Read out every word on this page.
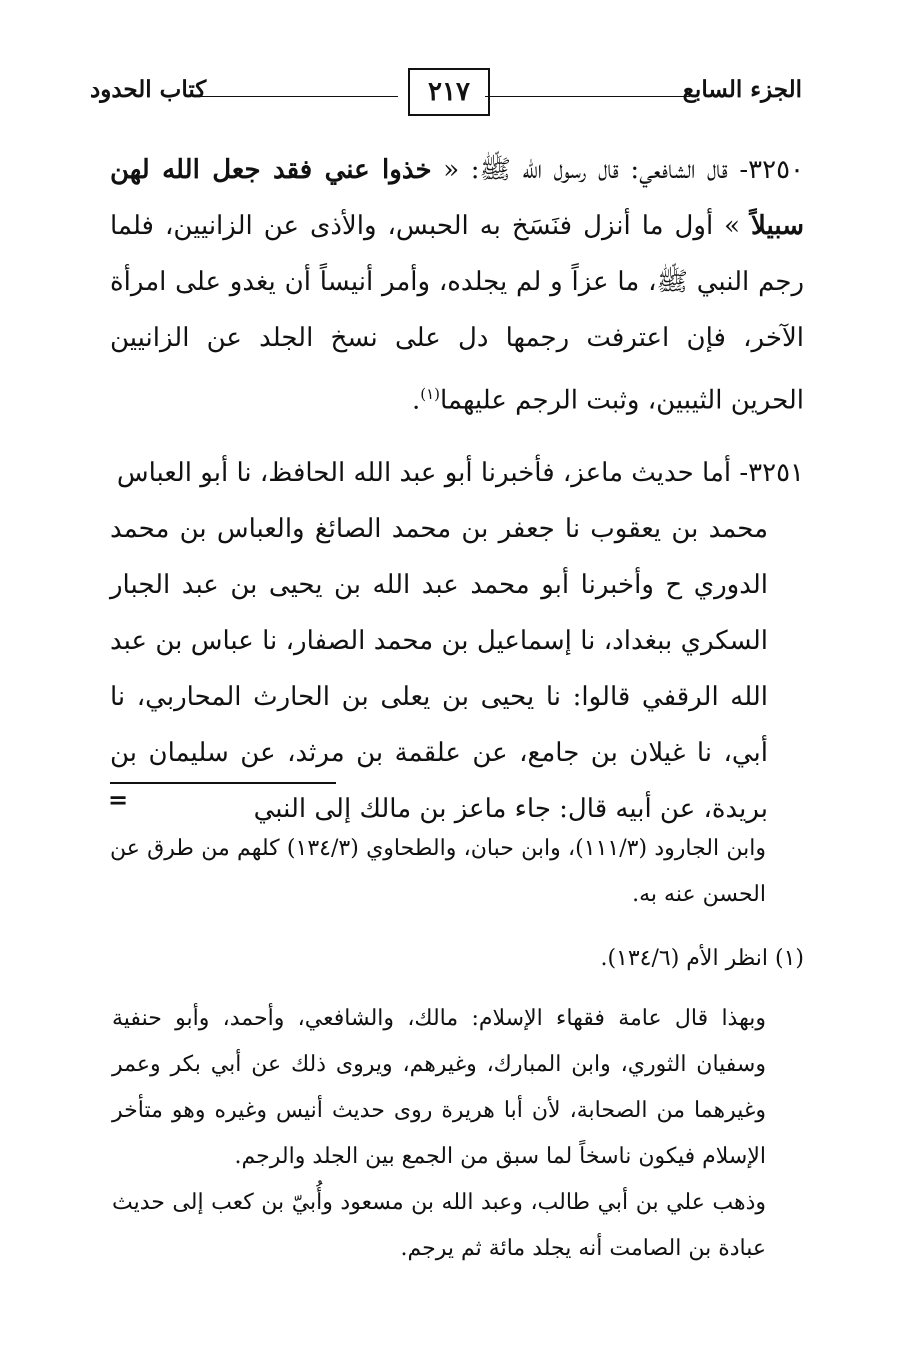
الجزء السابع
٢١٧
كتاب الحدود
٣٢٥٠- قال الشافعي: قال رسول الله ﷺ: « خذوا عني فقد جعل الله لهن سبيلاً » أول ما أنزل فنَسَخ به الحبس، والأذى عن الزانيين، فلما رجم النبي ﷺ، ما عزاً و لم يجلده، وأمر أنيساً أن يغدو على امرأة الآخر، فإن اعترفت رجمها دل على نسخ الجلد عن الزانيين الحرين الثيبين، وثبت الرجم عليهما$^{(١)}$.
٣٢٥١- أما حديث ماعز، فأخبرنا أبو عبد الله الحافظ، نا أبو العباس
محمد بن يعقوب نا جعفر بن محمد الصائغ والعباس بن محمد الدوري ح وأخبرنا أبو محمد عبد الله بن يحيى بن عبد الجبار السكري ببغداد، نا إسماعيل بن محمد الصفار، نا عباس بن عبد الله الرقفي قالوا: نا يحيى بن يعلى بن الحارث المحاربي، نا أبي، نا غيلان بن جامع، عن علقمة بن مرثد، عن سليمان بن بريدة، عن أبيه قال: جاء ماعز بن مالك إلى النبي
=
وابن الجارود (١١١/٣)، وابن حبان، والطحاوي (١٣٤/٣) كلهم من طرق عن الحسن عنه به.
(١) انظر الأم (١٣٤/٦).

وبهذا قال عامة فقهاء الإسلام: مالك، والشافعي، وأحمد، وأبو حنفية وسفيان الثوري، وابن المبارك، وغيرهم، ويروى ذلك عن أبي بكر وعمر وغيرهما من الصحابة، لأن أبا هريرة روى حديث أنيس وغيره وهو متأخر الإسلام فيكون ناسخاً لما سبق من الجمع بين الجلد والرجم.

وذهب علي بن أبي طالب، وعبد الله بن مسعود وأُبيّ بن كعب إلى حديث عبادة بن الصامت أنه يجلد مائة ثم يرجم.
